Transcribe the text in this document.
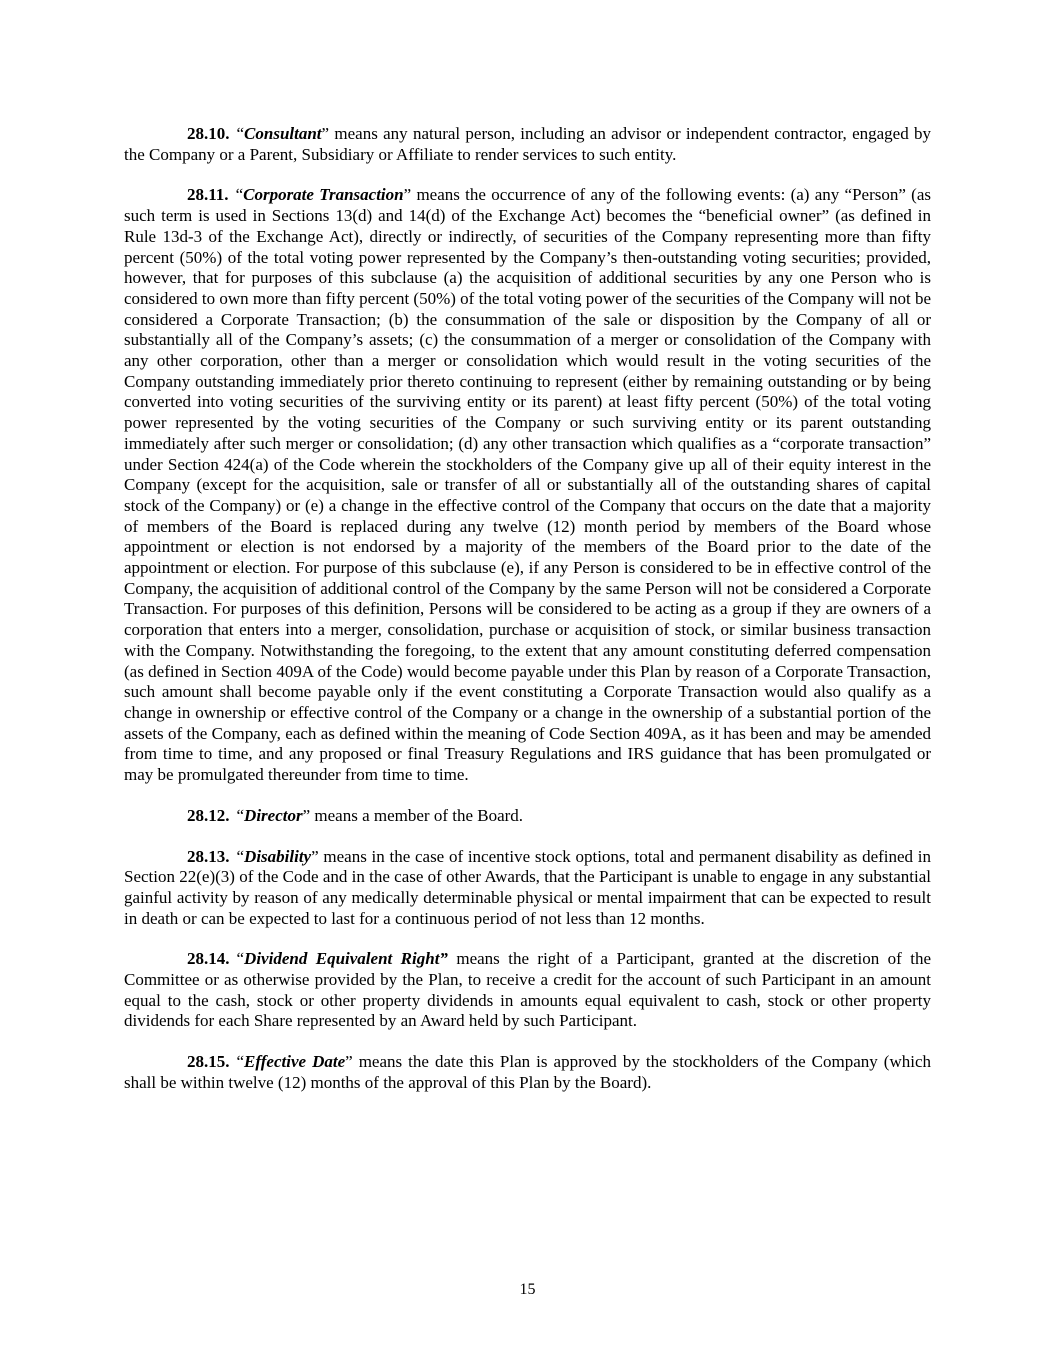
28.10. “Consultant” means any natural person, including an advisor or independent contractor, engaged by the Company or a Parent, Subsidiary or Affiliate to render services to such entity.

28.11. “Corporate Transaction” means the occurrence of any of the following events: (a) any “Person” (as such term is used in Sections 13(d) and 14(d) of the Exchange Act) becomes the “beneficial owner” (as defined in Rule 13d-3 of the Exchange Act), directly or indirectly, of securities of the Company representing more than fifty percent (50%) of the total voting power represented by the Company’s then-outstanding voting securities; provided, however, that for purposes of this subclause (a) the acquisition of additional securities by any one Person who is considered to own more than fifty percent (50%) of the total voting power of the securities of the Company will not be considered a Corporate Transaction; (b) the consummation of the sale or disposition by the Company of all or substantially all of the Company’s assets; (c) the consummation of a merger or consolidation of the Company with any other corporation, other than a merger or consolidation which would result in the voting securities of the Company outstanding immediately prior thereto continuing to represent (either by remaining outstanding or by being converted into voting securities of the surviving entity or its parent) at least fifty percent (50%) of the total voting power represented by the voting securities of the Company or such surviving entity or its parent outstanding immediately after such merger or consolidation; (d) any other transaction which qualifies as a “corporate transaction” under Section 424(a) of the Code wherein the stockholders of the Company give up all of their equity interest in the Company (except for the acquisition, sale or transfer of all or substantially all of the outstanding shares of capital stock of the Company) or (e) a change in the effective control of the Company that occurs on the date that a majority of members of the Board is replaced during any twelve (12) month period by members of the Board whose appointment or election is not endorsed by a majority of the members of the Board prior to the date of the appointment or election. For purpose of this subclause (e), if any Person is considered to be in effective control of the Company, the acquisition of additional control of the Company by the same Person will not be considered a Corporate Transaction. For purposes of this definition, Persons will be considered to be acting as a group if they are owners of a corporation that enters into a merger, consolidation, purchase or acquisition of stock, or similar business transaction with the Company. Notwithstanding the foregoing, to the extent that any amount constituting deferred compensation (as defined in Section 409A of the Code) would become payable under this Plan by reason of a Corporate Transaction, such amount shall become payable only if the event constituting a Corporate Transaction would also qualify as a change in ownership or effective control of the Company or a change in the ownership of a substantial portion of the assets of the Company, each as defined within the meaning of Code Section 409A, as it has been and may be amended from time to time, and any proposed or final Treasury Regulations and IRS guidance that has been promulgated or may be promulgated thereunder from time to time.

28.12. “Director” means a member of the Board.

28.13. “Disability” means in the case of incentive stock options, total and permanent disability as defined in Section 22(e)(3) of the Code and in the case of other Awards, that the Participant is unable to engage in any substantial gainful activity by reason of any medically determinable physical or mental impairment that can be expected to result in death or can be expected to last for a continuous period of not less than 12 months.

28.14. “Dividend Equivalent Right” means the right of a Participant, granted at the discretion of the Committee or as otherwise provided by the Plan, to receive a credit for the account of such Participant in an amount equal to the cash, stock or other property dividends in amounts equal equivalent to cash, stock or other property dividends for each Share represented by an Award held by such Participant.

28.15. “Effective Date” means the date this Plan is approved by the stockholders of the Company (which shall be within twelve (12) months of the approval of this Plan by the Board).

15
